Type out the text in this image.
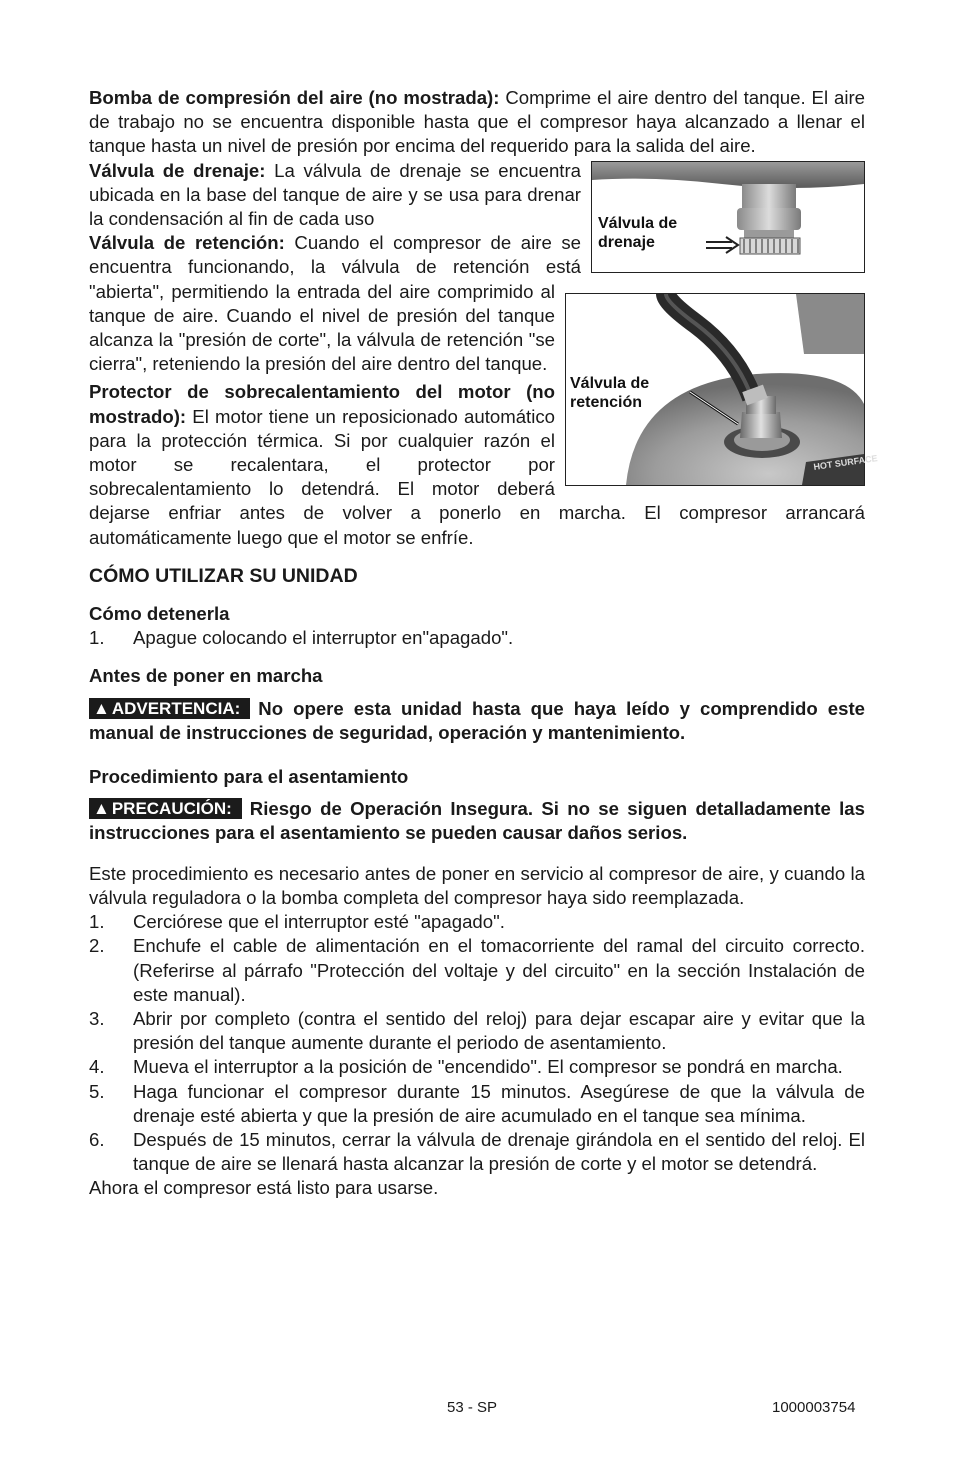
Bomba de compresión del aire (no mostrada): Comprime el aire dentro del tanque. El aire de trabajo no se encuentra disponible hasta que el compresor haya alcanzado a llenar el tanque hasta un nivel de presión por encima del requerido para la salida del aire.

Válvula de
drenaje

Válvula de drenaje: La válvula de drenaje se encuentra ubicada en la base del tanque de aire y se usa para drenar la condensación al fin de cada uso

HOT SURFACE
Válvula de
retención

Válvula de retención: Cuando el compresor de aire se encuentra funcionando, la válvula de retención está "abierta", permitiendo la entrada del aire comprimido al tanque de aire. Cuando el nivel de presión del tanque alcanza la "presión de corte", la válvula de retención "se cierra", reteniendo la presión del aire dentro del tanque.

Protector de sobrecalentamiento del motor (no mostrado): El motor tiene un reposicionado automático para la protección térmica. Si por cualquier razón el motor se recalentara, el protector por sobrecalentamiento lo detendrá. El motor deberá dejarse enfriar antes de volver a ponerlo en marcha. El compresor arrancará automáticamente luego que el motor se enfríe.

CÓMO UTILIZAR SU UNIDAD
Cómo detenerla
1. Apague colocando el interruptor en"apagado".
Antes de poner en marcha

▲ ADVERTENCIA: No opere esta unidad hasta que haya leído y comprendido este manual de instrucciones de seguridad, operación y mantenimiento.

Procedimiento para el asentamiento

▲ PRECAUCIÓN: Riesgo de Operación Insegura. Si no se siguen detalladamente las instrucciones para el asentamiento se pueden causar daños serios.

Este procedimiento es necesario antes de poner en servicio al compresor de aire, y cuando la válvula reguladora o la bomba completa del compresor haya sido reemplazada.

1. Cerciórese que el interruptor esté "apagado".
2. Enchufe el cable de alimentación en el tomacorriente del ramal del circuito correcto. (Referirse al párrafo "Protección del voltaje y del circuito" en la sección Instalación de este manual).
3. Abrir por completo (contra el sentido del reloj) para dejar escapar aire y evitar que la presión del tanque aumente durante el periodo de asentamiento.
4. Mueva el interruptor a la posición de "encendido". El compresor se pondrá en marcha.
5. Haga funcionar el compresor durante 15 minutos. Asegúrese de que la válvula de drenaje esté abierta y que la presión de aire acumulado en el tanque sea mínima.
6. Después de 15 minutos, cerrar la válvula de drenaje girándola en el sentido del reloj. El tanque de aire se llenará hasta alcanzar la presión de corte y el motor se detendrá.

Ahora el compresor está listo para usarse.

53 - SP	1000003754
